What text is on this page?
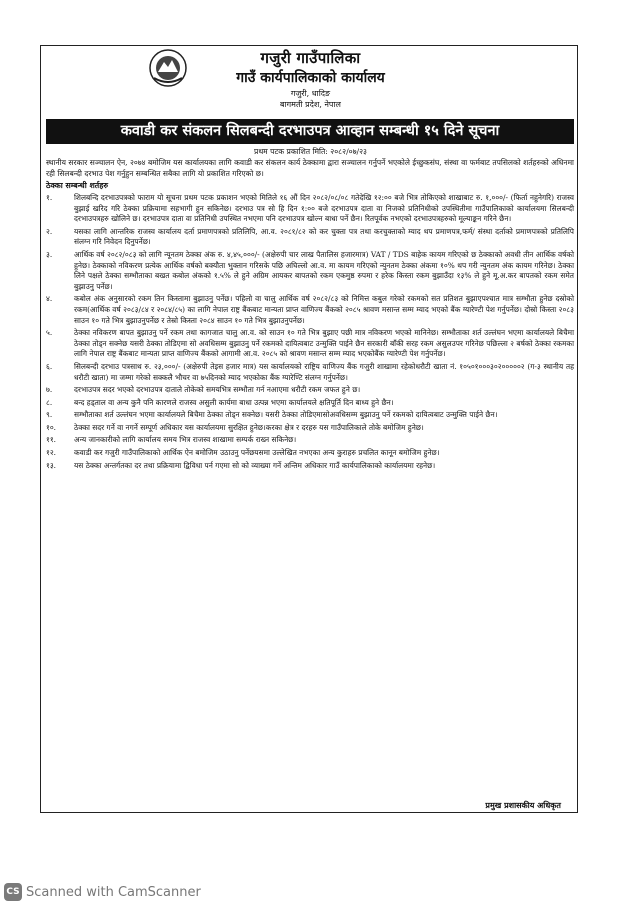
गजुरी गाउँपालिका
गाउँ कार्यपालिकाको कार्यालय
गजुरी, धादिङ
बागमती प्रदेश, नेपाल
कवाडी कर संकलन सिलबन्दी दरभाउपत्र आव्हान सम्बन्धी १५ दिने सूचना
प्रथम पटक प्रकाशित मिति: २०८२/०७/२३
स्थानीय सरकार सञ्चालन ऐन, २०७४ बमोजिम यस कार्यालयका लागि कवाडी कर संकलन कार्य ठेक्कामा द्वारा सञ्चालन गर्नुपर्ने भएकोले ईच्छुकसंघ, संस्था वा फर्मबाट तपसिलको शर्तहरुको अधिनमा रही सिलबन्दी दरभाउ पेश गर्नुहुन सम्बन्धित सबैका लागि यो प्रकाशित गरिएको छ।
ठेक्का सम्बन्धी शर्तहरु
१.	शिलबन्दि दरभाउपत्रको फाराम यो सूचना प्रथम पटक प्रकाशन भएको मितिले १६ औं दिन २०८२/०८/०८ गतेदेखि १२:०० बजे भित्र तोकिएको शाखाबाट रु. १,०००/- (फिर्ता नहुनेगरि) राजस्व बुझाई खरिद गरि ठेक्का प्रक्रियामा सहभागी हुन सकिनेछ। दरभाउ पत्र सो हि दिन १:०० बजे दरभाउपत्र दाता वा निजको प्रतिनिधीको उपस्थितीमा गाउँपालिकाको कार्यालयमा सिलबन्दी दरभाउपत्रहरु खोलिने छ। दरभाउपत्र दाता वा प्रतिनिधी उपस्थित नभएमा पनि दरभाउपत्र खोल्न बाधा पर्ने छैन। रितपूर्वक नभएको दरभाउपत्रहरुको मूल्याङ्कन गरिने छैन।
२.	यसका लागि आन्तरिक राजस्व कार्यालय दर्ता प्रमाणपत्रको प्रतिलिपि, आ.व. २०८१/८२ को कर चुक्ता पत्र तथा करचुक्ताको म्याद थप प्रमाणपत्र,फर्म/ संस्था दर्ताको प्रमाणपत्रको प्रतिलिपि संलग्न गरि निवेदन दिनुपर्नेछ।
३.	आर्थिक वर्ष २०८२/०८३ को लागि न्यूनतम ठेक्का अंक रु. ४,४५,०००/- (अक्षेरुपी चार लाख पैतालिस हजारमात्र) VAT / TDS बाहेक कायम गरिएको छ ठेक्काको अवधी तीन आर्थिक वर्षको हुनेछ। ठेक्काको नविकरण प्रत्येक आर्थिक वर्षको बक्यौता भुक्तान गरिसके पछि अघिल्लो आ.व. मा कायम गरिएको न्युनतम ठेक्का अंकमा १०% थप गरी न्युनतम अंक कायम गरिनेछ। ठेक्का लिने पक्षले ठेक्का सम्भौताका बखत कबोल अंकको १.५% ले हुने अग्रिम आयकर बापतको रकम एकमुष्ठ रुपमा र हरेक किस्ता रकम बुझाउँदा १३% ले हुने मू.अ.कर बापतको रकम समेत बुझाउनु पर्नेछ।
४.	कबोल अंक अनुसारको रकम तिन किस्तामा बुझाउनु पर्नेछ। पहिलो वा चालु आर्थिक वर्ष २०८२/८३ को निमित्त कबुल गरेको रकमको सत प्रतिशत बुझाएपश्चात मात्र सम्भौता हुनेछ दस्रोको रकम(आर्थिक वर्ष २०८३/८४ र २०८४/८५) का लागि नेपाल राष्ट्र बैंकबाट मान्यता प्राप्त वाणिज्य बैंकको २०८५ श्रावण मसान्त सम्म म्याद भएको बैंक ग्यारेण्टी पेश गर्नुपर्नेछ। दोस्रो किस्ता २०८३ साउन १० गते भित्र बुझाउनुपर्नेछ र तेस्रो किस्ता २०८४ साउन १० गते भित्र बुझाउनुपर्नेछ।
५.	ठेक्का नविकरण बापत बुझाउनु पर्ने रकम तथा कागजात चालु आ.व. को साउन १० गते भित्र बुझाए पछी मात्र नविकरण भएको मानिनेछ। सम्भौताका शर्त उल्लंघन भएमा कार्यालयले बिचैमा ठेक्का तोड्न सक्नेछ यसरी ठेक्का तोडिएमा सो अवधिसम्म बुझाउनु पर्ने रकमको दायित्वबाट उन्मुक्ति पाईने छैन सरकारी बाँकी सरह रकम असुलउपर गरिनेछ पछिल्ला २ बर्षको ठेक्का रकमका लागि नेपाल राष्ट्र बैंकबाट मान्यता प्राप्त वाणिज्य बैंकको आगामी आ.व. २०८५ को श्रावण मसान्त सम्म म्याद भएकोबैंक ग्यारेण्टी पेश गर्नुपर्नेछ।
६.	सिलबन्दी दरभाउ पत्रसाथ रु. २३,०००/- (अक्षेरुपी तेइस हजार मात्र) यस कार्यालयको राष्ट्रिय वाणिज्य बैंक गजुरी शाखामा रहेकोधरौटी खाता नं. १०५०१०००३०२०००००२ (ग-३ स्थानीय तह धरौटी खाता) मा जम्मा गरेको सक्कलै भौचर वा ७५दिनको म्याद भएकोका बैंक ग्यारेण्टि संलग्न गर्नुपर्नेछ।
७.	दरभाउपत्र सदर भएको दरभाउपत्र दाताले तोकेको समयभित्र सम्भौता गर्न नआएमा धरौटी रकम जफत हुने छ।
८.	बन्द हड्ताल वा अन्य कुनै पनि कारणले राजस्व असुली कार्यमा बाधा उत्पन्न भएमा कार्यालयले क्षतिपूर्ति दिन बाध्य हुने छैन।
९.	सम्भौताका शर्त उल्लंघन भएमा कार्यालयले बिचैमा ठेक्का तोड्न सक्नेछ। यसरी ठेक्का तोडिएमासोअवधिसम्म बुझाउनु पर्ने रकमको दायित्वबाट उन्मुक्ति पाईने छैन।
१०.	ठेक्का सदर गर्ने वा नगर्ने सम्पूर्ण अधिकार यस कार्यालयमा सुरक्षित हुनेछ।करका क्षेत्र र दरहरु यस गाउँपालिकाले तोके बमोजिम हुनेछ।
११.	अन्य जानकारीको लागि कार्यालय समय भित्र राजस्व शाखामा सम्पर्क राख्न सकिनेछ।
१२.	कवाडी कर गजुरी गाउँपालिकाको आर्थिक ऐन बमोजिम उठाउनु पर्नेछयसमा उल्लेखित नभएका अन्य कुराहरु प्रचलित कानून बमोजिम हुनेछ।
१३.	यस ठेक्का अन्तर्गतका दर तथा प्रक्रियामा द्विविधा पर्न गएमा सो को व्याख्या गर्ने अन्तिम अधिकार गाउँ कार्यपालिकाको कार्यालयमा रहनेछ।
प्रमुख प्रशासकीय अधिकृत
CS Scanned with CamScanner
